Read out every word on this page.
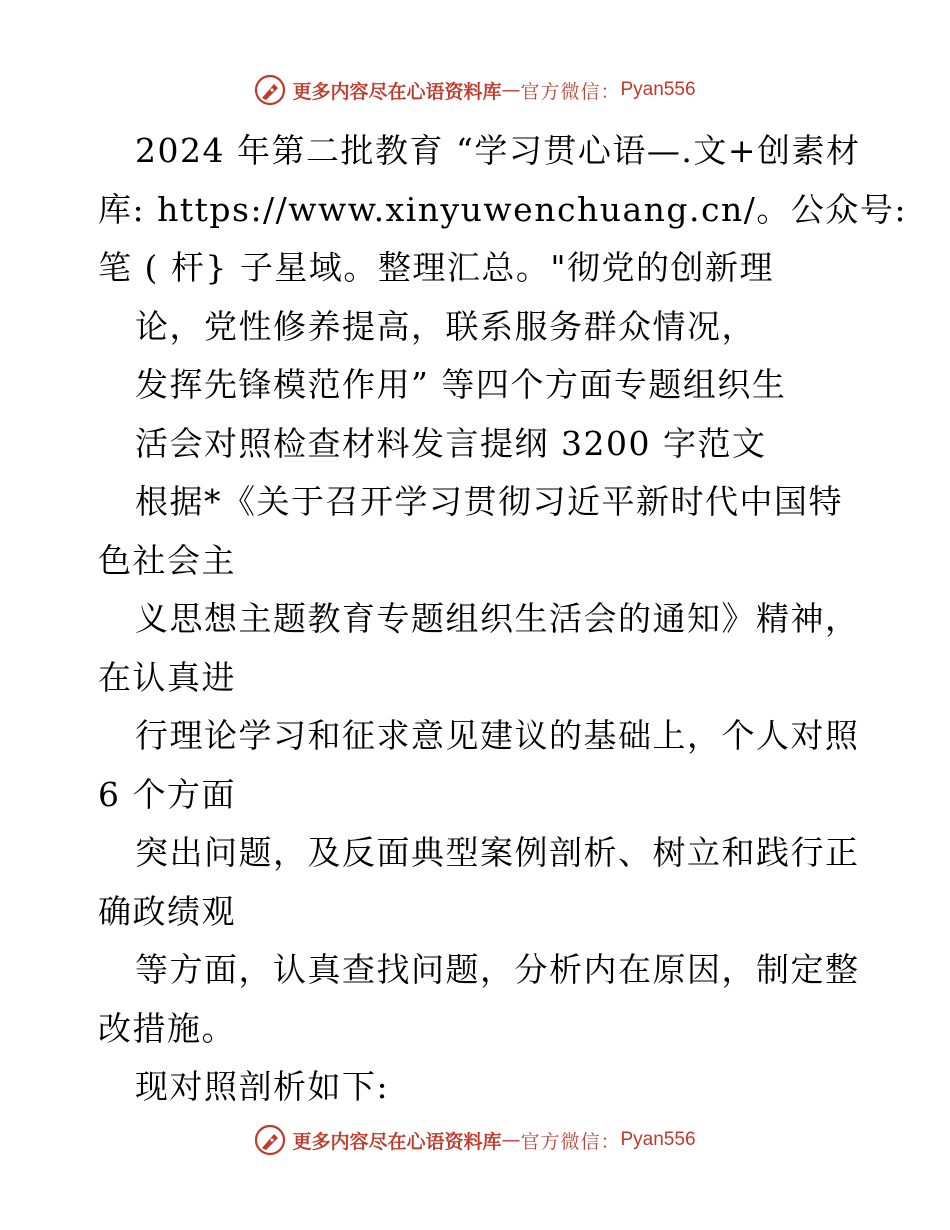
更多内容尽在心语资料库 — 官方微信： Pyan556
2024 年第二批教育 “学习贯心语—.文+创素材
库: https://www.xinyuwenchuang.cn/。公众号:
笔 ( 杆} 子星域。整理汇总。"彻党的创新理
论，党性修养提高，联系服务群众情况，
发挥先锋模范作用” 等四个方面专题组织生
活会对照检查材料发言提纲 3200 字范文
根据*《关于召开学习贯彻习近平新时代中国特
色社会主
义思想主题教育专题组织生活会的通知》精神，
在认真进
行理论学习和征求意见建议的基础上，个人对照
6 个方面
突出问题，及反面典型案例剖析、树立和践行正
确政绩观
等方面，认真查找问题，分析内在原因，制定整
改措施。
现对照剖析如下:
更多内容尽在心语资料库 — 官方微信： Pyan556
